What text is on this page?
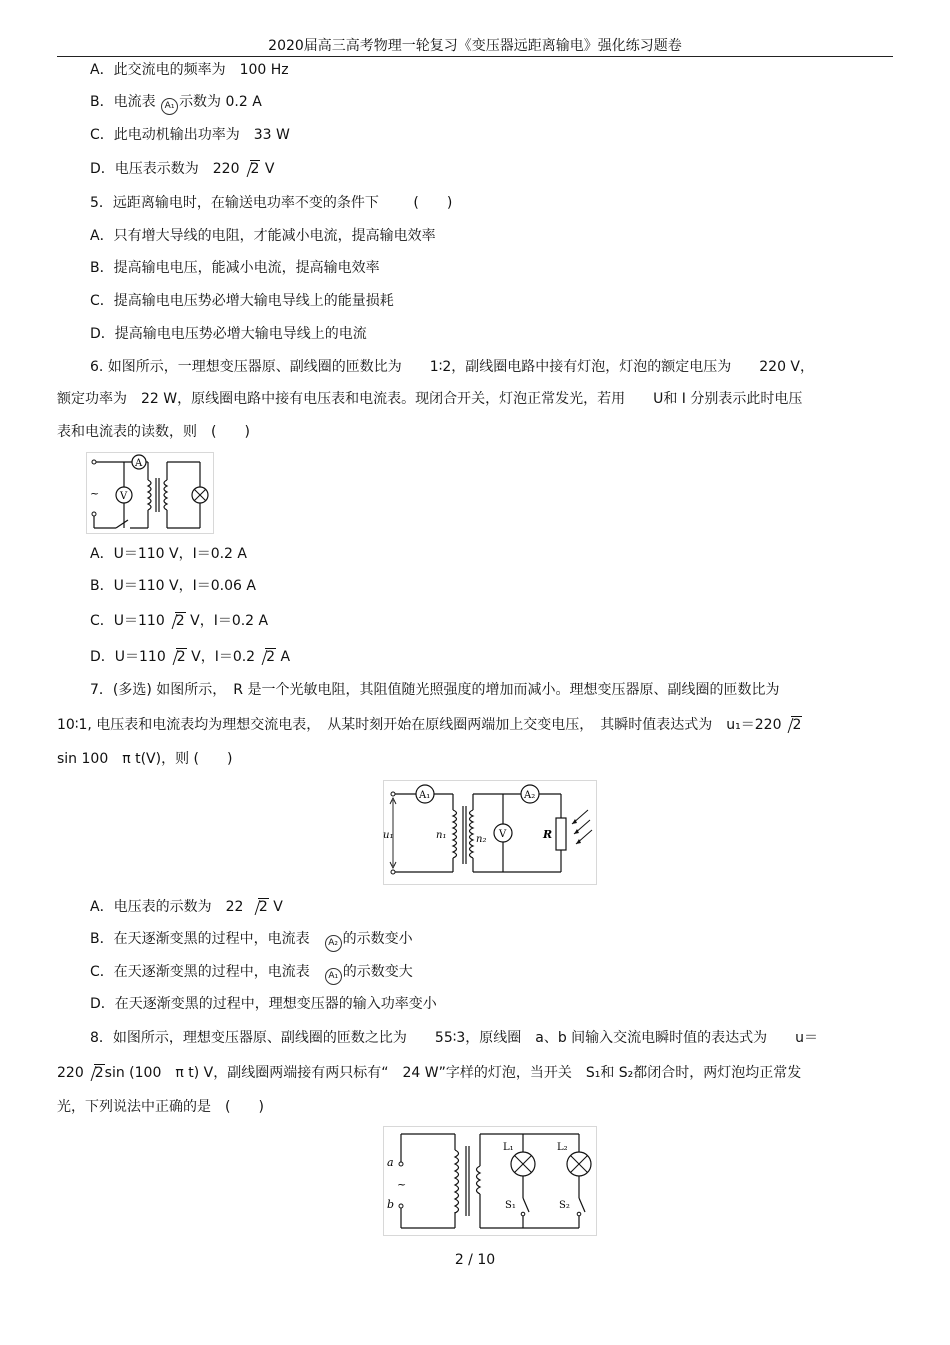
2020届高三高考物理一轮复习《变压器远距离输电》强化练习题卷
A．此交流电的频率为　100 Hz
B．电流表 A₁ 示数为 0.2 A
C．此电动机输出功率为　33 W
D．电压表示数为　220 2 V
5．远距离输电时，在输送电功率不变的条件下 (　　)
A．只有增大导线的电阻，才能减小电流，提高输电效率
B．提高输电电压，能减小电流，提高输电效率
C．提高输电电压势必增大输电导线上的能量损耗
D．提高输电电压势必增大输电导线上的电流
6. 如图所示，一理想变压器原、副线圈的匝数比为　　1∶2，副线圈电路中接有灯泡，灯泡的额定电压为　　220 V，
额定功率为　22 W，原线圈电路中接有电压表和电流表。现闭合开关，灯泡正常发光，若用　　U和 I 分别表示此时电压
表和电流表的读数，则　(　　)
~
A
V
A．U＝110 V，I＝0.2 A
B．U＝110 V，I＝0.06 A
C．U＝110 2 V，I＝0.2 A
D．U＝110 2 V，I＝0.2 2 A
7．(多选) 如图所示，　R 是一个光敏电阻，其阻值随光照强度的增加而减小。理想变压器原、副线圈的匝数比为
10∶1, 电压表和电流表均为理想交流电表，　从某时刻开始在原线圈两端加上交变电压，　其瞬时值表达式为　u₁＝220 2
sin 100　π t(V)，则 (　　)
A₁
u₁	n₁	n₂
A₂
V	R
A．电压表的示数为　22 2 V
B．在天逐渐变黑的过程中，电流表　A₂ 的示数变小
C．在天逐渐变黑的过程中，电流表　A₁ 的示数变大
D．在天逐渐变黑的过程中，理想变压器的输入功率变小
8．如图所示，理想变压器原、副线圈的匝数之比为　　55∶3，原线圈　a、b 间输入交流电瞬时值的表达式为　　u＝
220 2sin (100　π t) V，副线圈两端接有两只标有“　24 W”字样的灯泡，当开关　S₁和 S₂都闭合时，两灯泡均正常发
光，下列说法中正确的是　(　　)
a
b
~
L₁
S₁
L₂
S₂
2 / 10
